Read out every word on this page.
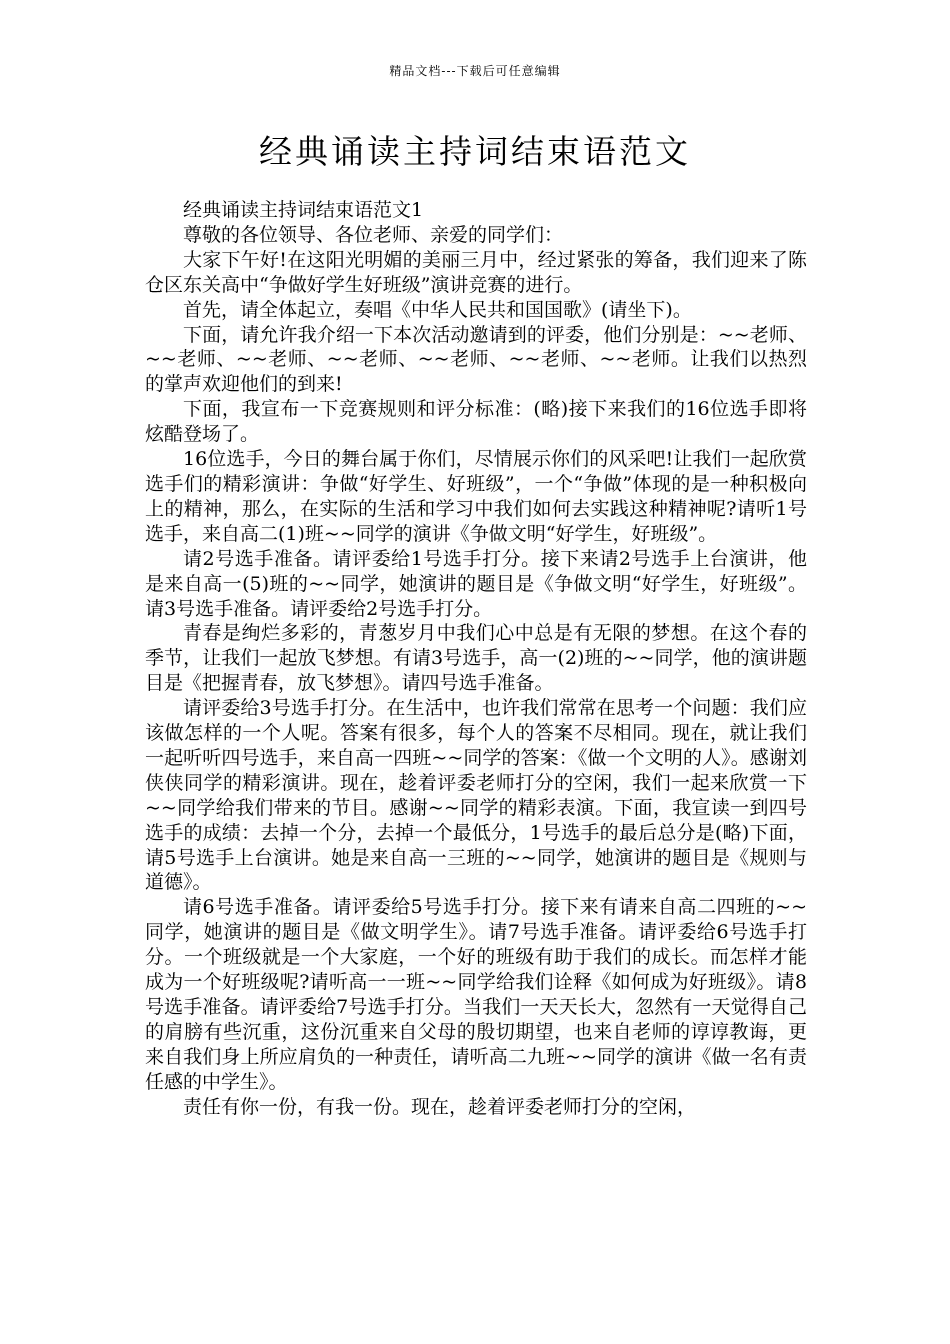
精品文档---下载后可任意编辑
经典诵读主持词结束语范文

经典诵读主持词结束语范文1

尊敬的各位领导、各位老师、亲爱的同学们：

大家下午好!在这阳光明媚的美丽三月中，经过紧张的筹备，我们迎来了陈仓区东关高中“争做好学生好班级”演讲竞赛的进行。

首先，请全体起立，奏唱《中华人民共和国国歌》(请坐下)。

下面，请允许我介绍一下本次活动邀请到的评委，他们分别是：~~老师、~~老师、~~老师、~~老师、~~老师、~~老师、~~老师。让我们以热烈的掌声欢迎他们的到来!

下面，我宣布一下竞赛规则和评分标准：(略)接下来我们的16位选手即将炫酷登场了。

16位选手，今日的舞台属于你们，尽情展示你们的风采吧!让我们一起欣赏选手们的精彩演讲：争做“好学生、好班级”，一个“争做”体现的是一种积极向上的精神，那么，在实际的生活和学习中我们如何去实践这种精神呢?请听1号选手，来自高二(1)班~~同学的演讲《争做文明“好学生，好班级”。

请2号选手准备。请评委给1号选手打分。接下来请2号选手上台演讲，他是来自高一(5)班的~~同学，她演讲的题目是《争做文明“好学生，好班级”。请3号选手准备。请评委给2号选手打分。

青春是绚烂多彩的，青葱岁月中我们心中总是有无限的梦想。在这个春的季节，让我们一起放飞梦想。有请3号选手，高一(2)班的~~同学，他的演讲题目是《把握青春，放飞梦想》。请四号选手准备。

请评委给3号选手打分。在生活中，也许我们常常在思考一个问题：我们应该做怎样的一个人呢。答案有很多，每个人的答案不尽相同。现在，就让我们一起听听四号选手，来自高一四班~~同学的答案：《做一个文明的人》。感谢刘侠侠同学的精彩演讲。现在，趁着评委老师打分的空闲，我们一起来欣赏一下~~同学给我们带来的节目。感谢~~同学的精彩表演。下面，我宣读一到四号选手的成绩：去掉一个分，去掉一个最低分，1号选手的最后总分是(略)下面，请5号选手上台演讲。她是来自高一三班的~~同学，她演讲的题目是《规则与道德》。

请6号选手准备。请评委给5号选手打分。接下来有请来自高二四班的~~同学，她演讲的题目是《做文明学生》。请7号选手准备。请评委给6号选手打分。一个班级就是一个大家庭，一个好的班级有助于我们的成长。而怎样才能成为一个好班级呢?请听高一一班~~同学给我们诠释《如何成为好班级》。请8号选手准备。请评委给7号选手打分。当我们一天天长大，忽然有一天觉得自己的肩膀有些沉重，这份沉重来自父母的殷切期望，也来自老师的谆谆教诲，更来自我们身上所应肩负的一种责任，请听高二九班~~同学的演讲《做一名有责任感的中学生》。

责任有你一份，有我一份。现在，趁着评委老师打分的空闲，
